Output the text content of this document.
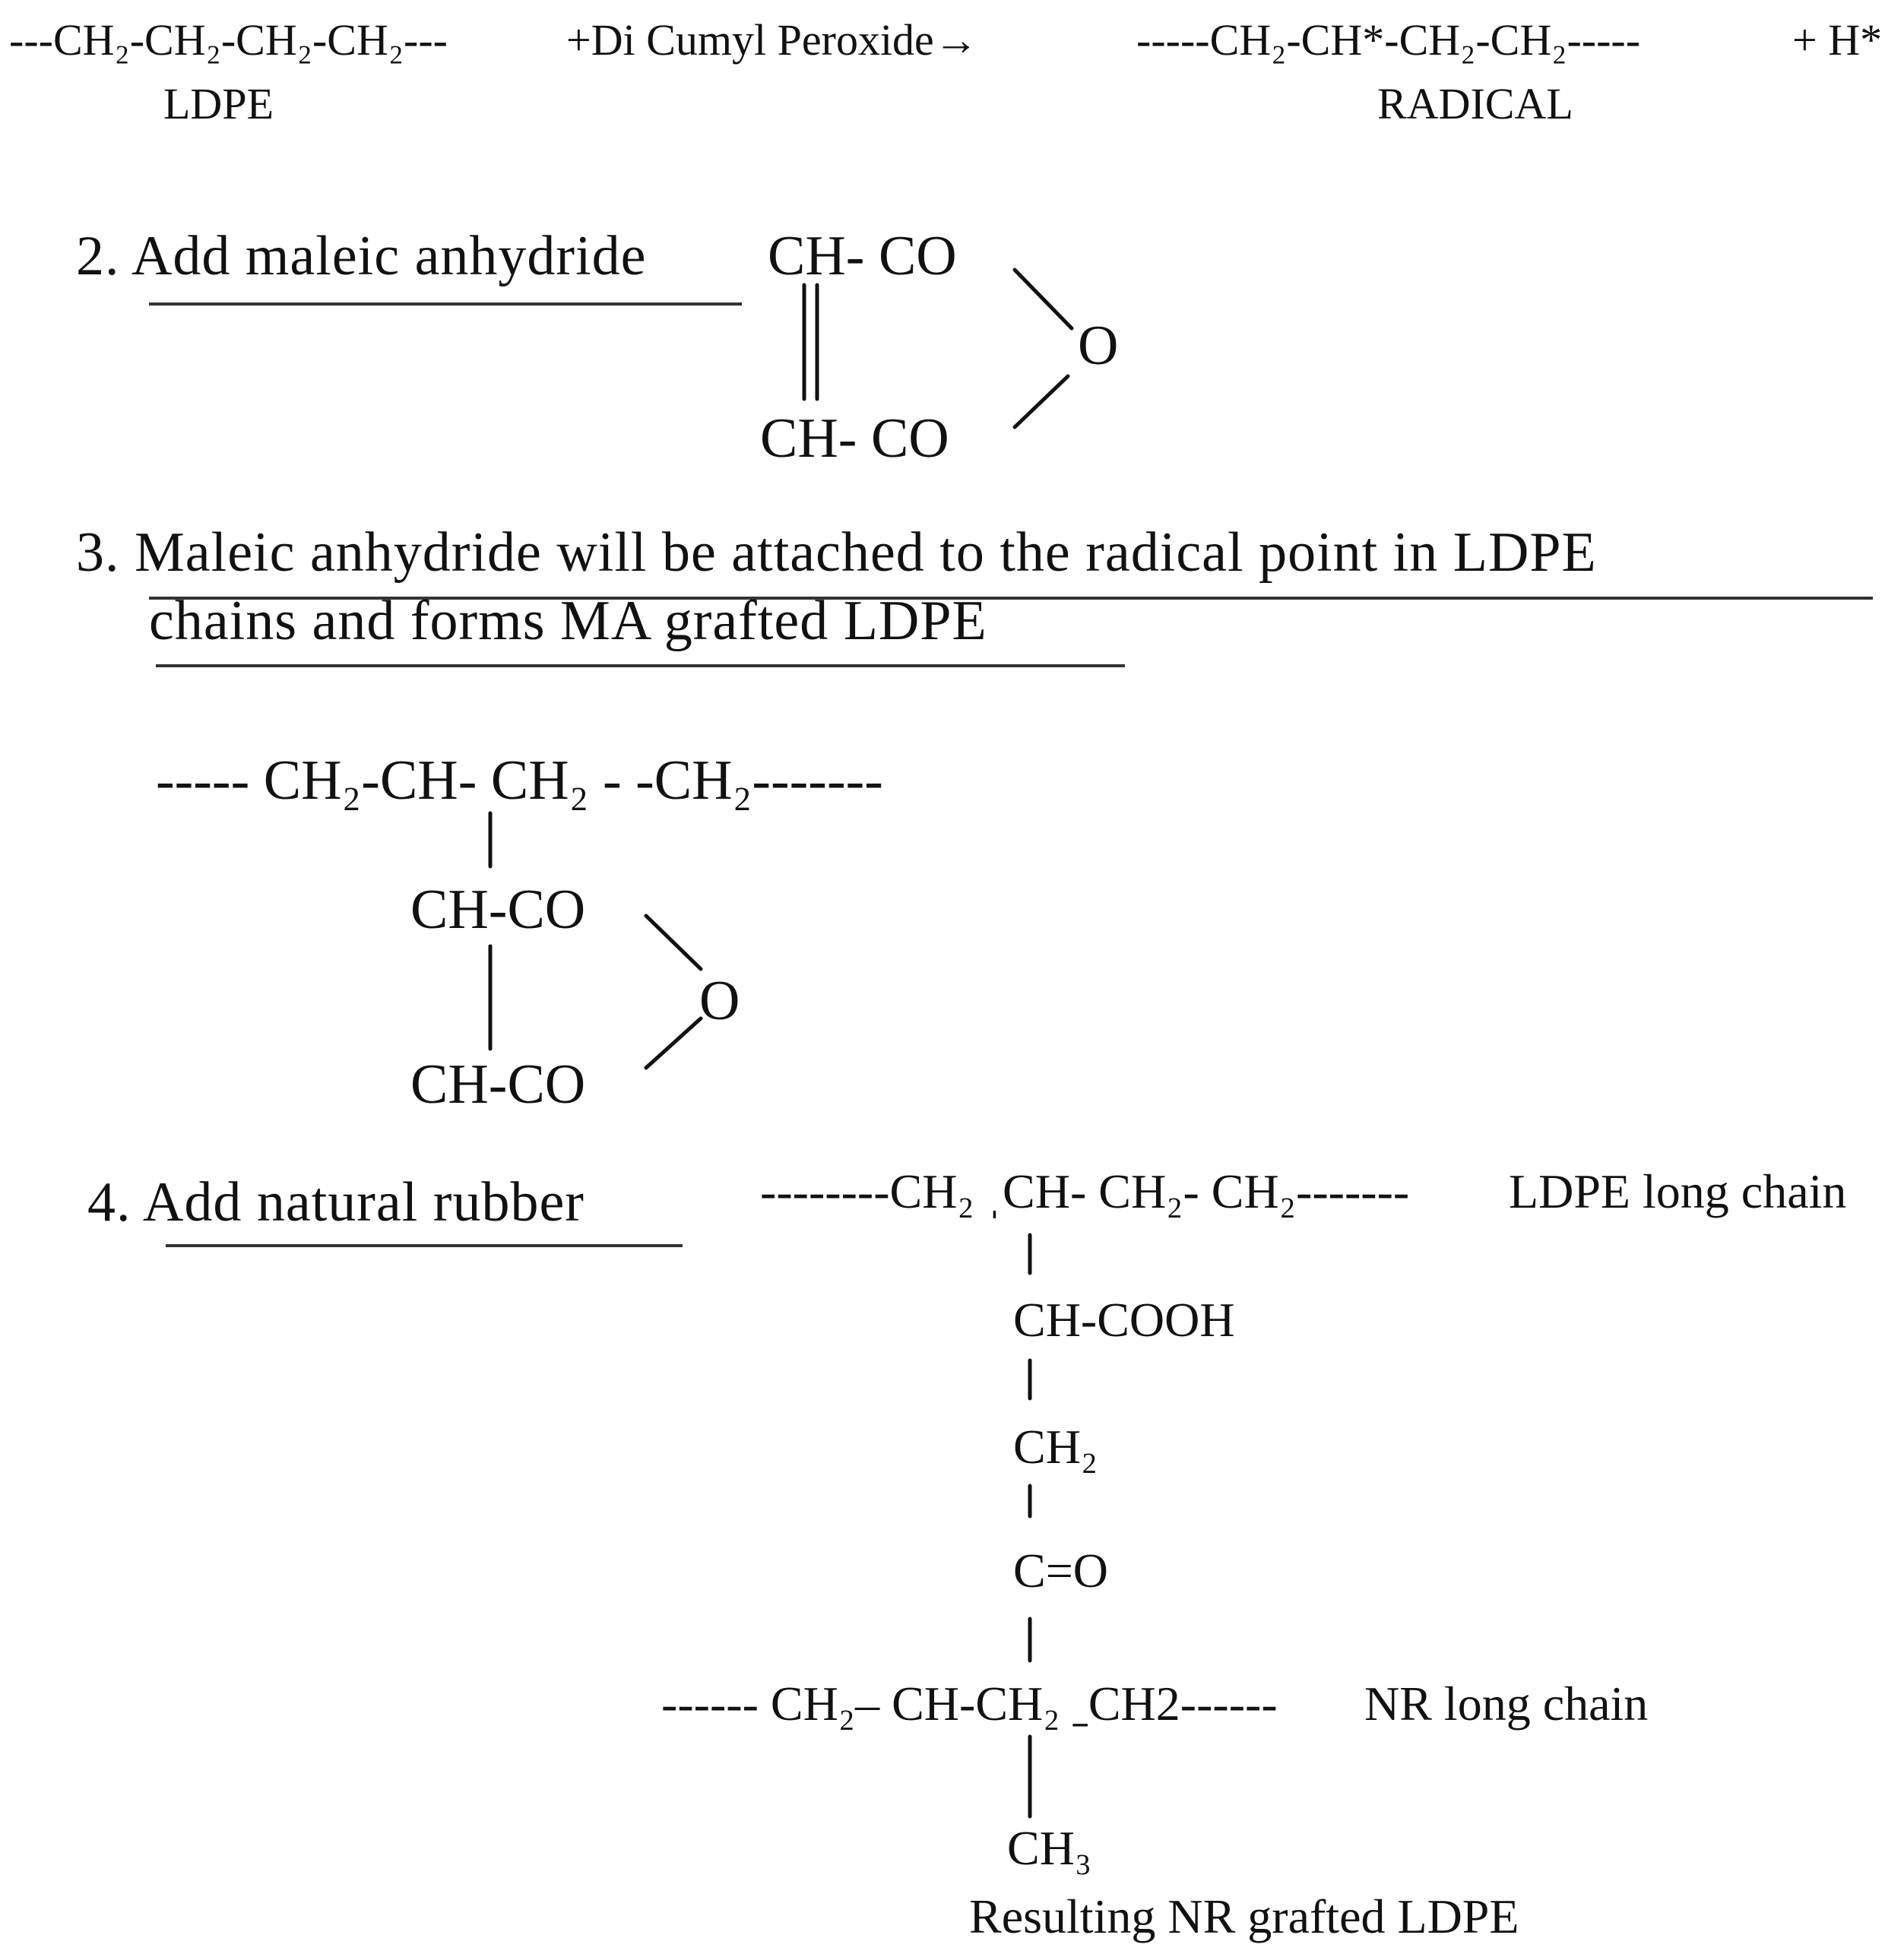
---CH₂-CH₂-CH₂-CH₂---	+Di Cumyl Peroxide→
LDPE
-----CH₂-CH*-CH₂-CH₂-----	+ H*
RADICAL
2. Add maleic anhydride CH- CO
O
CH- CO
3. Maleic anhydride will be attached to the radical point in LDPE
chains and forms MA grafted LDPE
----- CH₂-CH- CH₂ - -CH₂-------
CH-CO
O
CH-CO
4. Add natural rubber	--------CH₂ ˌCH- CH₂- CH₂------- LDPE long chain
CH-COOH
CH₂
C=O
------ CH₂– CH-CH₂ ˍCH2------ NR long chain
CH₃
Resulting NR grafted LDPE
